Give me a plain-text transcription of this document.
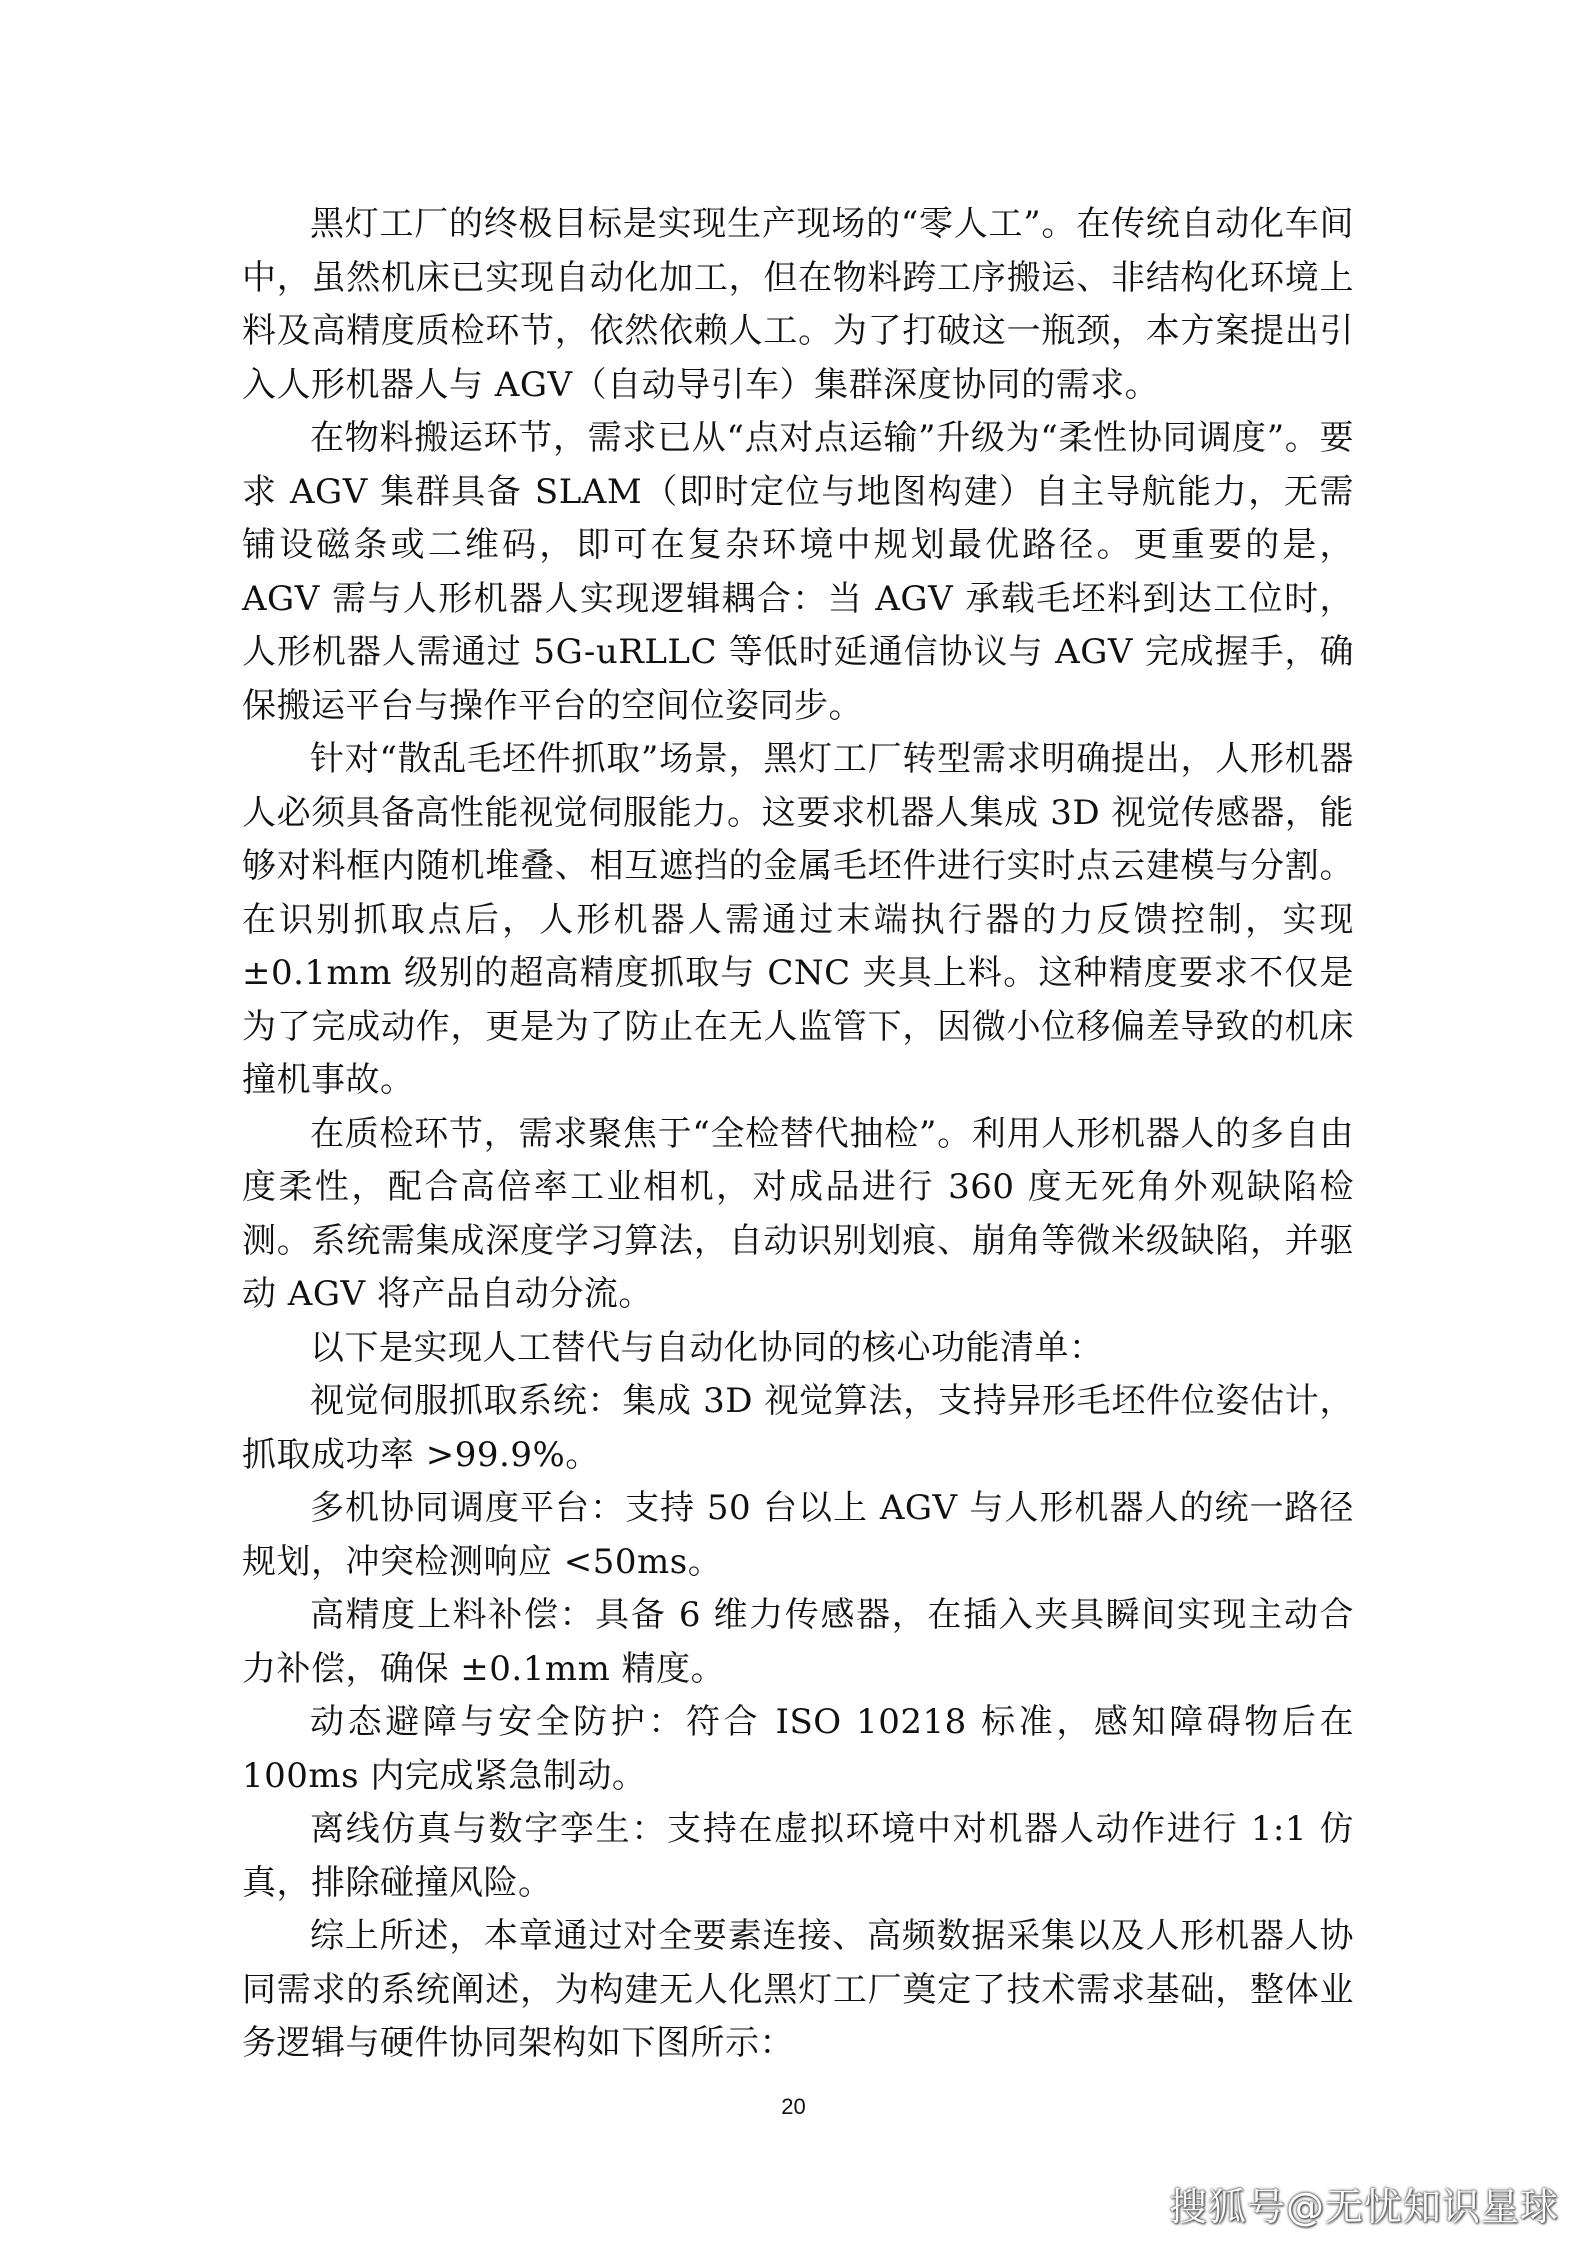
黑灯工厂的终极目标是实现生产现场的“零人工”。在传统自动化车间中，虽然机床已实现自动化加工，但在物料跨工序搬运、非结构化环境上料及高精度质检环节，依然依赖人工。为了打破这一瓶颈，本方案提出引入人形机器人与 AGV（自动导引车）集群深度协同的需求。

在物料搬运环节，需求已从“点对点运输”升级为“柔性协同调度”。要求 AGV 集群具备 SLAM（即时定位与地图构建）自主导航能力，无需铺设磁条或二维码，即可在复杂环境中规划最优路径。更重要的是，AGV 需与人形机器人实现逻辑耦合：当 AGV 承载毛坯料到达工位时，人形机器人需通过 5G-uRLLC 等低时延通信协议与 AGV 完成握手，确保搬运平台与操作平台的空间位姿同步。

针对“散乱毛坯件抓取”场景，黑灯工厂转型需求明确提出，人形机器人必须具备高性能视觉伺服能力。这要求机器人集成 3D 视觉传感器，能够对料框内随机堆叠、相互遮挡的金属毛坯件进行实时点云建模与分割。在识别抓取点后，人形机器人需通过末端执行器的力反馈控制，实现 ±0.1mm 级别的超高精度抓取与 CNC 夹具上料。这种精度要求不仅是为了完成动作，更是为了防止在无人监管下，因微小位移偏差导致的机床撞机事故。

在质检环节，需求聚焦于“全检替代抽检”。利用人形机器人的多自由度柔性，配合高倍率工业相机，对成品进行 360 度无死角外观缺陷检测。系统需集成深度学习算法，自动识别划痕、崩角等微米级缺陷，并驱动 AGV 将产品自动分流。

以下是实现人工替代与自动化协同的核心功能清单：

视觉伺服抓取系统：集成 3D 视觉算法，支持异形毛坯件位姿估计，抓取成功率 >99.9%。

多机协同调度平台：支持 50 台以上 AGV 与人形机器人的统一路径规划，冲突检测响应 <50ms。

高精度上料补偿：具备 6 维力传感器，在插入夹具瞬间实现主动合力补偿，确保 ±0.1mm 精度。

动态避障与安全防护：符合 ISO 10218 标准，感知障碍物后在 100ms 内完成紧急制动。

离线仿真与数字孪生：支持在虚拟环境中对机器人动作进行 1:1 仿真，排除碰撞风险。

综上所述，本章通过对全要素连接、高频数据采集以及人形机器人协同需求的系统阐述，为构建无人化黑灯工厂奠定了技术需求基础，整体业务逻辑与硬件协同架构如下图所示：

20
搜狐号@无忧知识星球
